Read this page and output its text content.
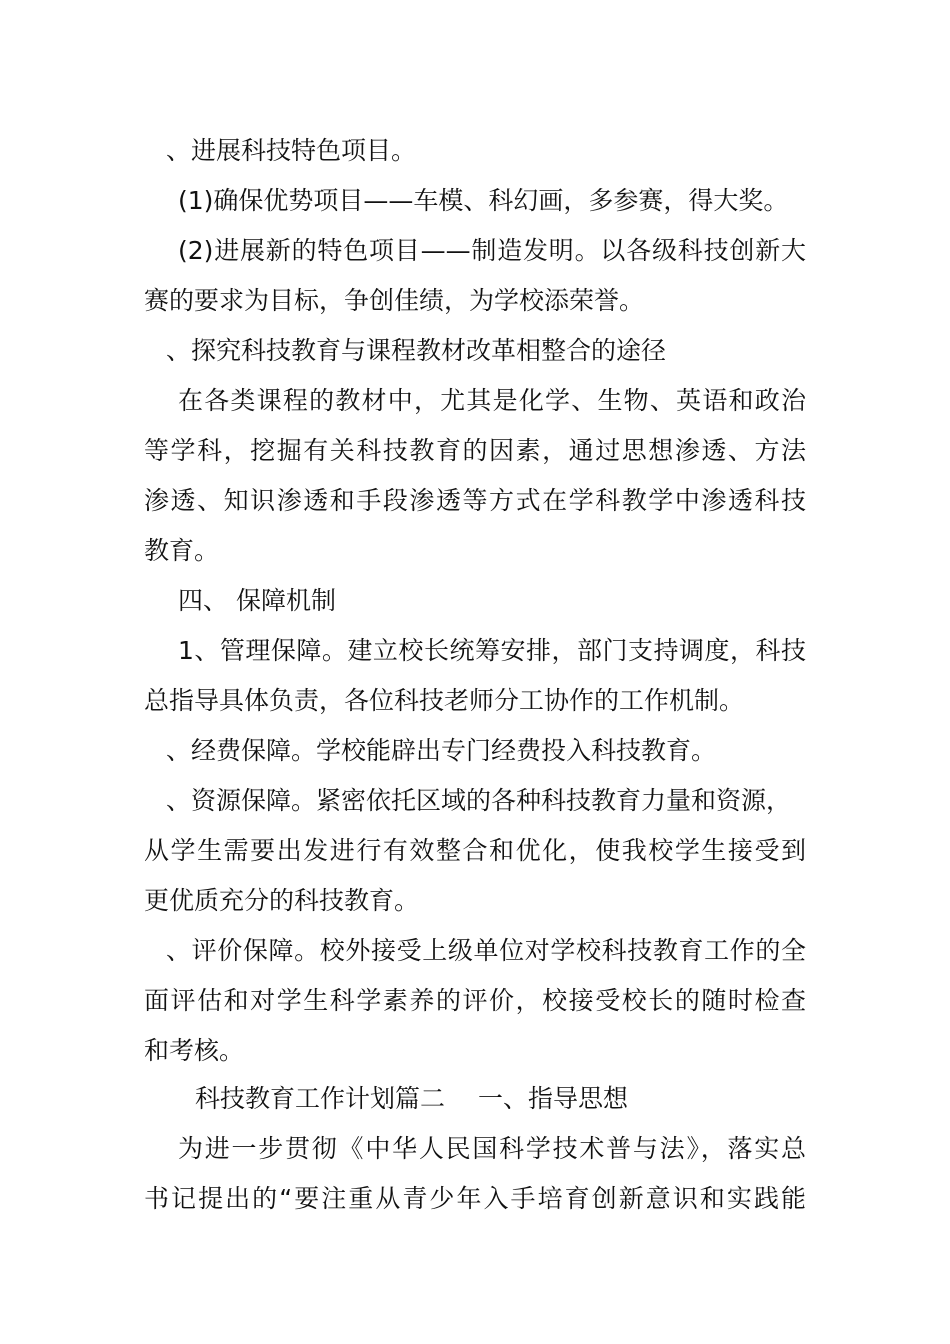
、进展科技特色项目。
(1)确保优势项目——车模、科幻画，多参赛，得大奖。
(2)进展新的特色项目——制造发明。以各级科技创新大
赛的要求为目标，争创佳绩，为学校添荣誉。
、探究科技教育与课程教材改革相整合的途径
在各类课程的教材中，尤其是化学、生物、英语和政治
等学科，挖掘有关科技教育的因素，通过思想渗透、方法
渗透、知识渗透和手段渗透等方式在学科教学中渗透科技
教育。
四、 保障机制
1、管理保障。建立校长统筹安排，部门支持调度，科技
总指导具体负责，各位科技老师分工协作的工作机制。
、经费保障。学校能辟出专门经费投入科技教育。
、资源保障。紧密依托区域的各种科技教育力量和资源，
从学生需要出发进行有效整合和优化，使我校学生接受到
更优质充分的科技教育。
、评价保障。校外接受上级单位对学校科技教育工作的全
面评估和对学生科学素养的评价，校接受校长的随时检查
和考核。
科技教育工作计划篇二　 一、指导思想
为进一步贯彻《中华人民国科学技术普与法》，落实总
书记提出的“要注重从青少年入手培育创新意识和实践能
